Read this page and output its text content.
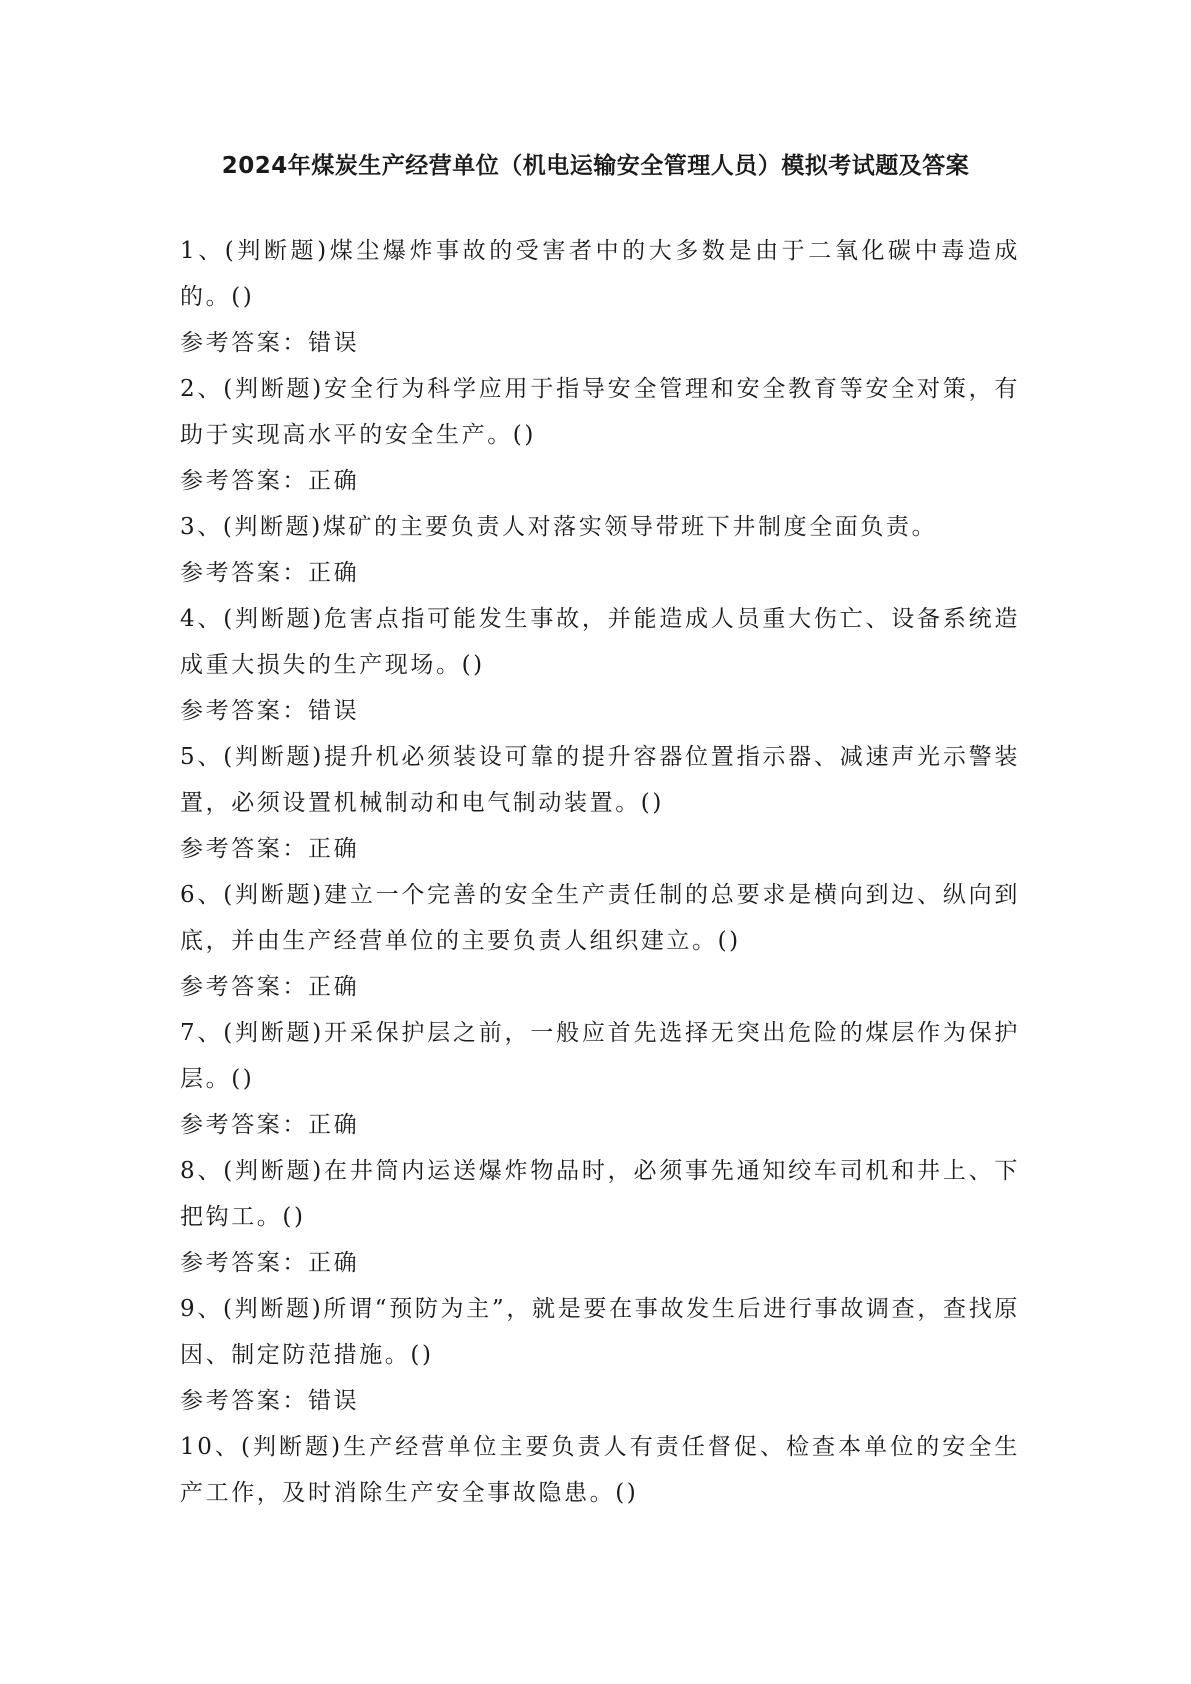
2024年煤炭生产经营单位（机电运输安全管理人员）模拟考试题及答案

1、(判断题)煤尘爆炸事故的受害者中的大多数是由于二氧化碳中毒造成的。()

参考答案：错误

2、(判断题)安全行为科学应用于指导安全管理和安全教育等安全对策，有助于实现高水平的安全生产。()

参考答案：正确

3、(判断题)煤矿的主要负责人对落实领导带班下井制度全面负责。

参考答案：正确

4、(判断题)危害点指可能发生事故，并能造成人员重大伤亡、设备系统造成重大损失的生产现场。()

参考答案：错误

5、(判断题)提升机必须装设可靠的提升容器位置指示器、减速声光示警装置，必须设置机械制动和电气制动装置。()

参考答案：正确

6、(判断题)建立一个完善的安全生产责任制的总要求是横向到边、纵向到底，并由生产经营单位的主要负责人组织建立。()

参考答案：正确

7、(判断题)开采保护层之前，一般应首先选择无突出危险的煤层作为保护层。()

参考答案：正确

8、(判断题)在井筒内运送爆炸物品时，必须事先通知绞车司机和井上、下把钩工。()

参考答案：正确

9、(判断题)所谓“预防为主”，就是要在事故发生后进行事故调查，查找原因、制定防范措施。()

参考答案：错误

10、(判断题)生产经营单位主要负责人有责任督促、检查本单位的安全生产工作，及时消除生产安全事故隐患。()
